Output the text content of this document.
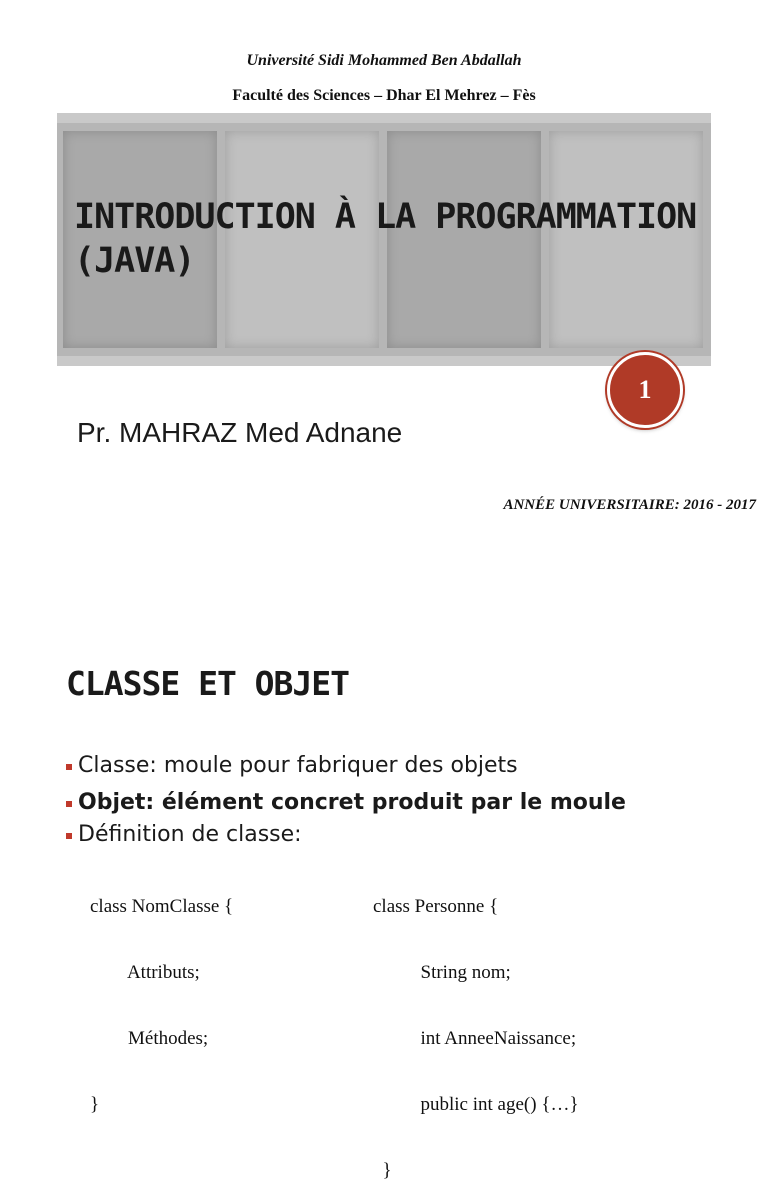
Université Sidi Mohammed Ben Abdallah
Faculté des Sciences – Dhar El Mehrez – Fès
INTRODUCTION À LA PROGRAMMATION
(JAVA)
1
Pr. MAHRAZ Med Adnane
ANNÉE UNIVERSITAIRE: 2016 - 2017
CLASSE ET OBJET
Classe: moule pour fabriquer des objets
Objet: élément concret produit par le moule
Définition de classe:

class NomClasse {

Attributs;

Méthodes;

}

class Personne {

String nom;

int AnneeNaissance;

public int age() {…}

}
